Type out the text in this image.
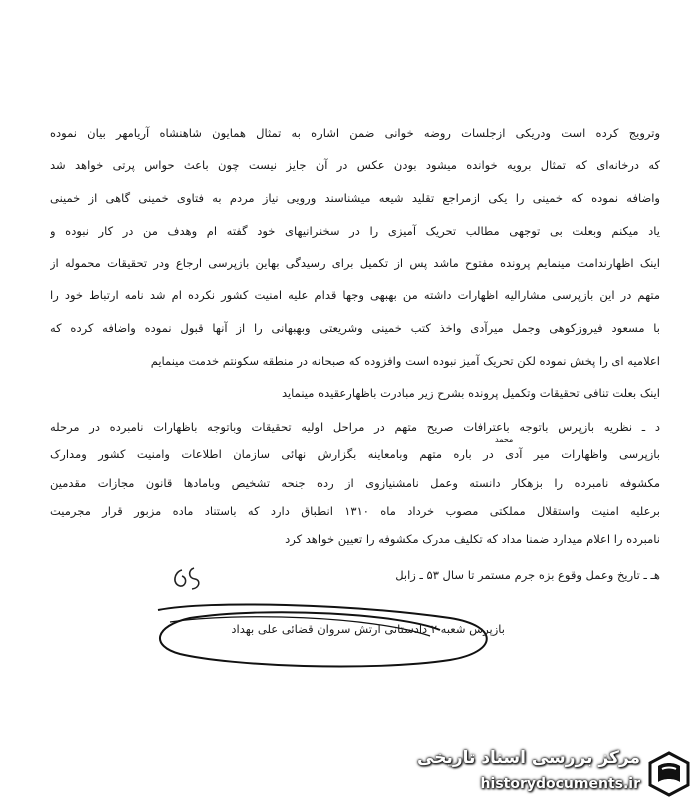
وترویج کرده است ودریکی ازجلسات روضه خوانی ضمن اشاره به تمثال همایون شاهنشاه آریامهر بیان نموده
که درخانه‌ای که تمثال برویه خوانده میشود بودن عکس در آن جایز نیست چون باعث حواس پرتی خواهد شد
واضافه نموده که خمینی را یکی ازمراجع تقلید شیعه میشناسند ورویی نیاز مردم به فتاوی خمینی گاهی از خمینی
یاد میکنم وبعلت بی توجهی مطالب تحریک آمیزی را در سخنرانیهای خود گفته ام وهدف من در کار نبوده و
اینک اظهارندامت مینمایم پرونده مفتوح ماشد پس از تکمیل برای رسیدگی بهاین بازپرسی ارجاع ودر تحقیقات محموله از
متهم در این بازپرسی مشارالیه اظهارات داشته من بهبهی وجها قدام علیه امنیت کشور نکرده ام شد نامه ارتباط خود را
با مسعود فیروزکوهی وجمل میرآدی واخذ کتب خمینی وشریعتی وبهبهانی را از آنها قبول نموده واضافه کرده که
اعلامیه ای را پخش نموده لکن تحریک آمیز نبوده است وافزوده که صبحانه در منطقه سکونتم خدمت مینمایم
اینک بعلت تنافی تحقیقات وتکمیل پرونده بشرح زیر مبادرت باظهارعقیده مینماید
د ـ نظریه بازپرس باتوجه باعترافات صریح متهم در مراحل اولیه تحقیقات وباتوجه باظهارات نامبرده در مرحله
محمد
بازپرسی واظهارات میر آدی در باره متهم وبامعاینه بگزارش نهائی سازمان اطلاعات وامنیت کشور ومدارک
مکشوفه نامبرده را بزهکار دانسته وعمل نامشنیازوی از رده جنحه تشخیص وبامادها قانون مجازات مقدمین
برعلیه امنیت واستقلال مملکتی مصوب خرداد ماه ۱۳۱۰ انطباق دارد که باستناد ماده مزبور قرار مجرمیت
نامبرده را اعلام میدارد ضمنا مداد که تکلیف مدرک مکشوفه را تعیین خواهد کرد
هـ ـ تاریخ وعمل وقوع بزه جرم مستمر تا سال ۵۳ ـ زابل
بازپرس شعبه ۲ دادستانی ارتش سروان قضائی علی بهداد
مرکز بررسی اسناد تاریخی
historydocuments.ir
